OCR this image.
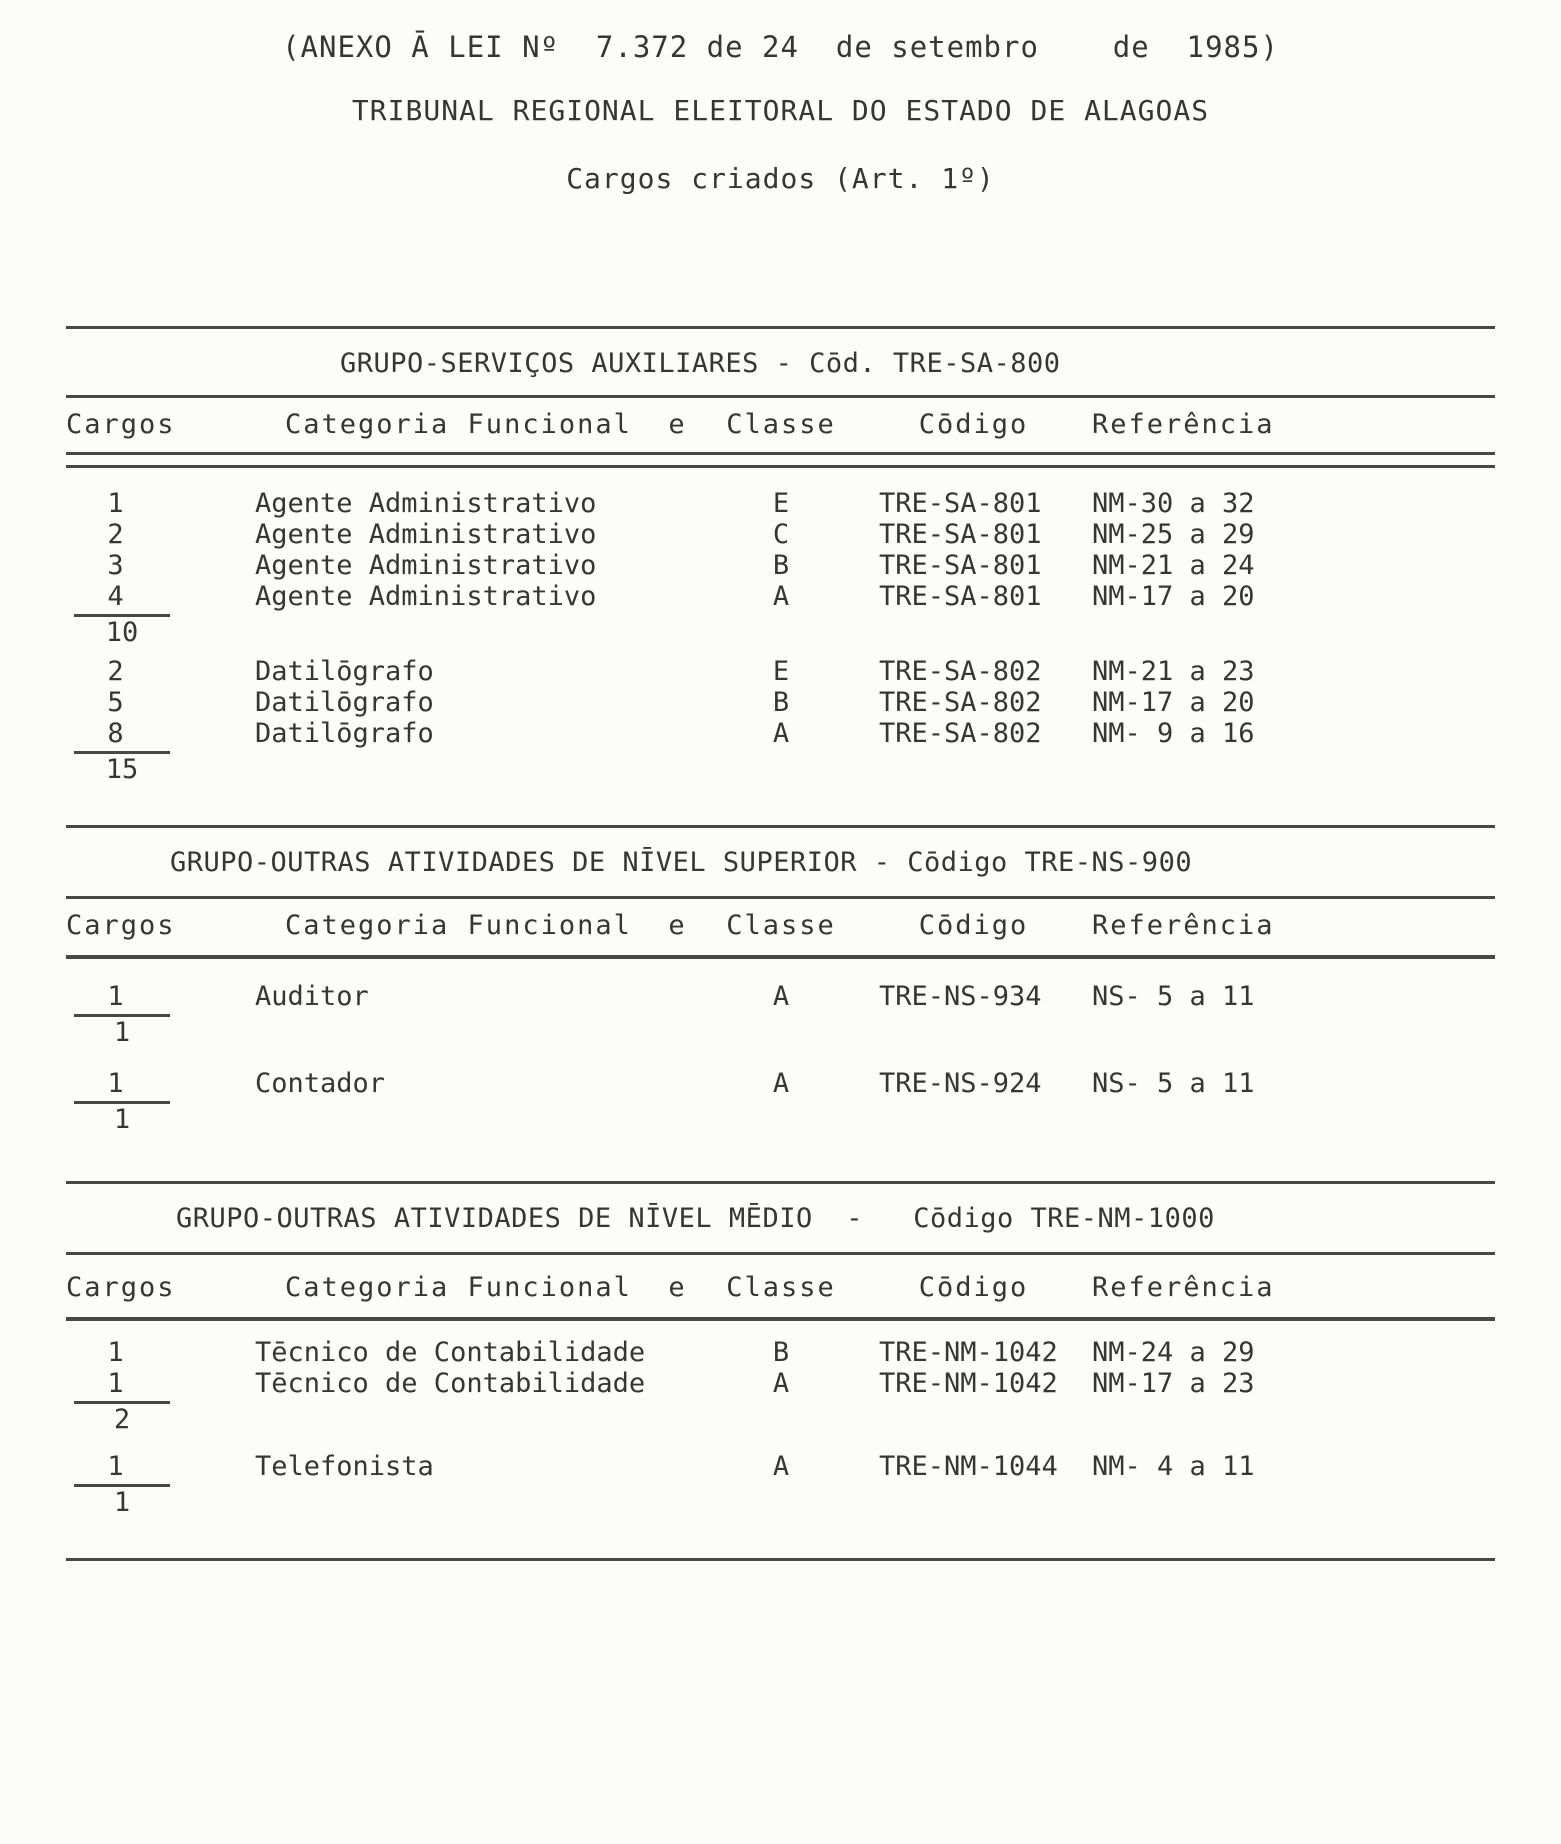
(ANEXO Ā LEI Nº  7.372 de 24  de setembro    de  1985)
TRIBUNAL REGIONAL ELEITORAL DO ESTADO DE ALAGOAS
Cargos criados (Art. 1º)
GRUPO-SERVIÇOS AUXILIARES - Cōd. TRE-SA-800
Cargos	Categoria Funcional  e	Classe	Cōdigo	Referência
1	Agente Administrativo	E	TRE-SA-801	NM-30 a 32
2	Agente Administrativo	C	TRE-SA-801	NM-25 a 29
3	Agente Administrativo	B	TRE-SA-801	NM-21 a 24
4	Agente Administrativo	A	TRE-SA-801	NM-17 a 20
10
2	Datilōgrafo	E	TRE-SA-802	NM-21 a 23
5	Datilōgrafo	B	TRE-SA-802	NM-17 a 20
8	Datilōgrafo	A	TRE-SA-802	NM- 9 a 16
15
GRUPO-OUTRAS ATIVIDADES DE NĪVEL SUPERIOR - Cōdigo TRE-NS-900
Cargos	Categoria Funcional  e	Classe	Cōdigo	Referência
1	Auditor	A	TRE-NS-934	NS- 5 a 11
1
1	Contador	A	TRE-NS-924	NS- 5 a 11
1
GRUPO-OUTRAS ATIVIDADES DE NĪVEL MĒDIO  -   Cōdigo TRE-NM-1000
Cargos	Categoria Funcional  e	Classe	Cōdigo	Referência
1	Tēcnico de Contabilidade	B	TRE-NM-1042	NM-24 a 29
1	Tēcnico de Contabilidade	A	TRE-NM-1042	NM-17 a 23
2
1	Telefonista	A	TRE-NM-1044	NM- 4 a 11
1
